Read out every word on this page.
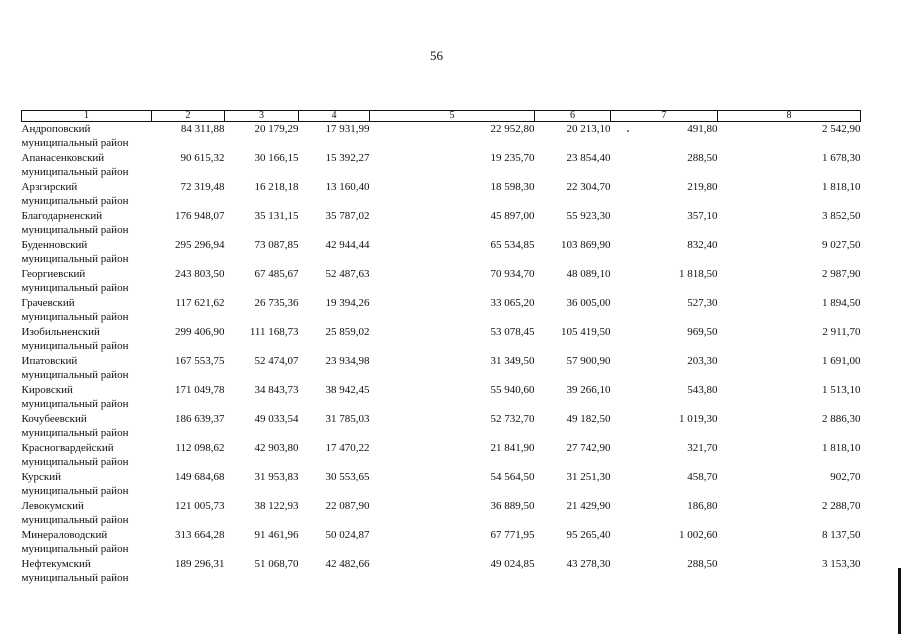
56
1	2	3	4	5	6	7	8

Андроповский
муниципальный район	84 311,88	20 179,29	17 931,99	22 952,80	20 213,10	491,80	2 542,90

Апанасенковский
муниципальный район	90 615,32	30 166,15	15 392,27	19 235,70	23 854,40	288,50	1 678,30

Арзгирский
муниципальный район	72 319,48	16 218,18	13 160,40	18 598,30	22 304,70	219,80	1 818,10

Благодарненский
муниципальный район	176 948,07	35 131,15	35 787,02	45 897,00	55 923,30	357,10	3 852,50

Буденновский
муниципальный район	295 296,94	73 087,85	42 944,44	65 534,85	103 869,90	832,40	9 027,50

Георгиевский
муниципальный район	243 803,50	67 485,67	52 487,63	70 934,70	48 089,10	1 818,50	2 987,90

Грачевский
муниципальный район	117 621,62	26 735,36	19 394,26	33 065,20	36 005,00	527,30	1 894,50

Изобильненский
муниципальный район	299 406,90	111 168,73	25 859,02	53 078,45	105 419,50	969,50	2 911,70

Ипатовский
муниципальный район	167 553,75	52 474,07	23 934,98	31 349,50	57 900,90	203,30	1 691,00

Кировский
муниципальный район	171 049,78	34 843,73	38 942,45	55 940,60	39 266,10	543,80	1 513,10

Кочубеевский
муниципальный район	186 639,37	49 033,54	31 785,03	52 732,70	49 182,50	1 019,30	2 886,30

Красногвардейский
муниципальный район	112 098,62	42 903,80	17 470,22	21 841,90	27 742,90	321,70	1 818,10

Курский
муниципальный район	149 684,68	31 953,83	30 553,65	54 564,50	31 251,30	458,70	902,70

Левокумский
муниципальный район	121 005,73	38 122,93	22 087,90	36 889,50	21 429,90	186,80	2 288,70

Минераловодский
муниципальный район	313 664,28	91 461,96	50 024,87	67 771,95	95 265,40	1 002,60	8 137,50

Нефтекумский
муниципальный район	189 296,31	51 068,70	42 482,66	49 024,85	43 278,30	288,50	3 153,30
